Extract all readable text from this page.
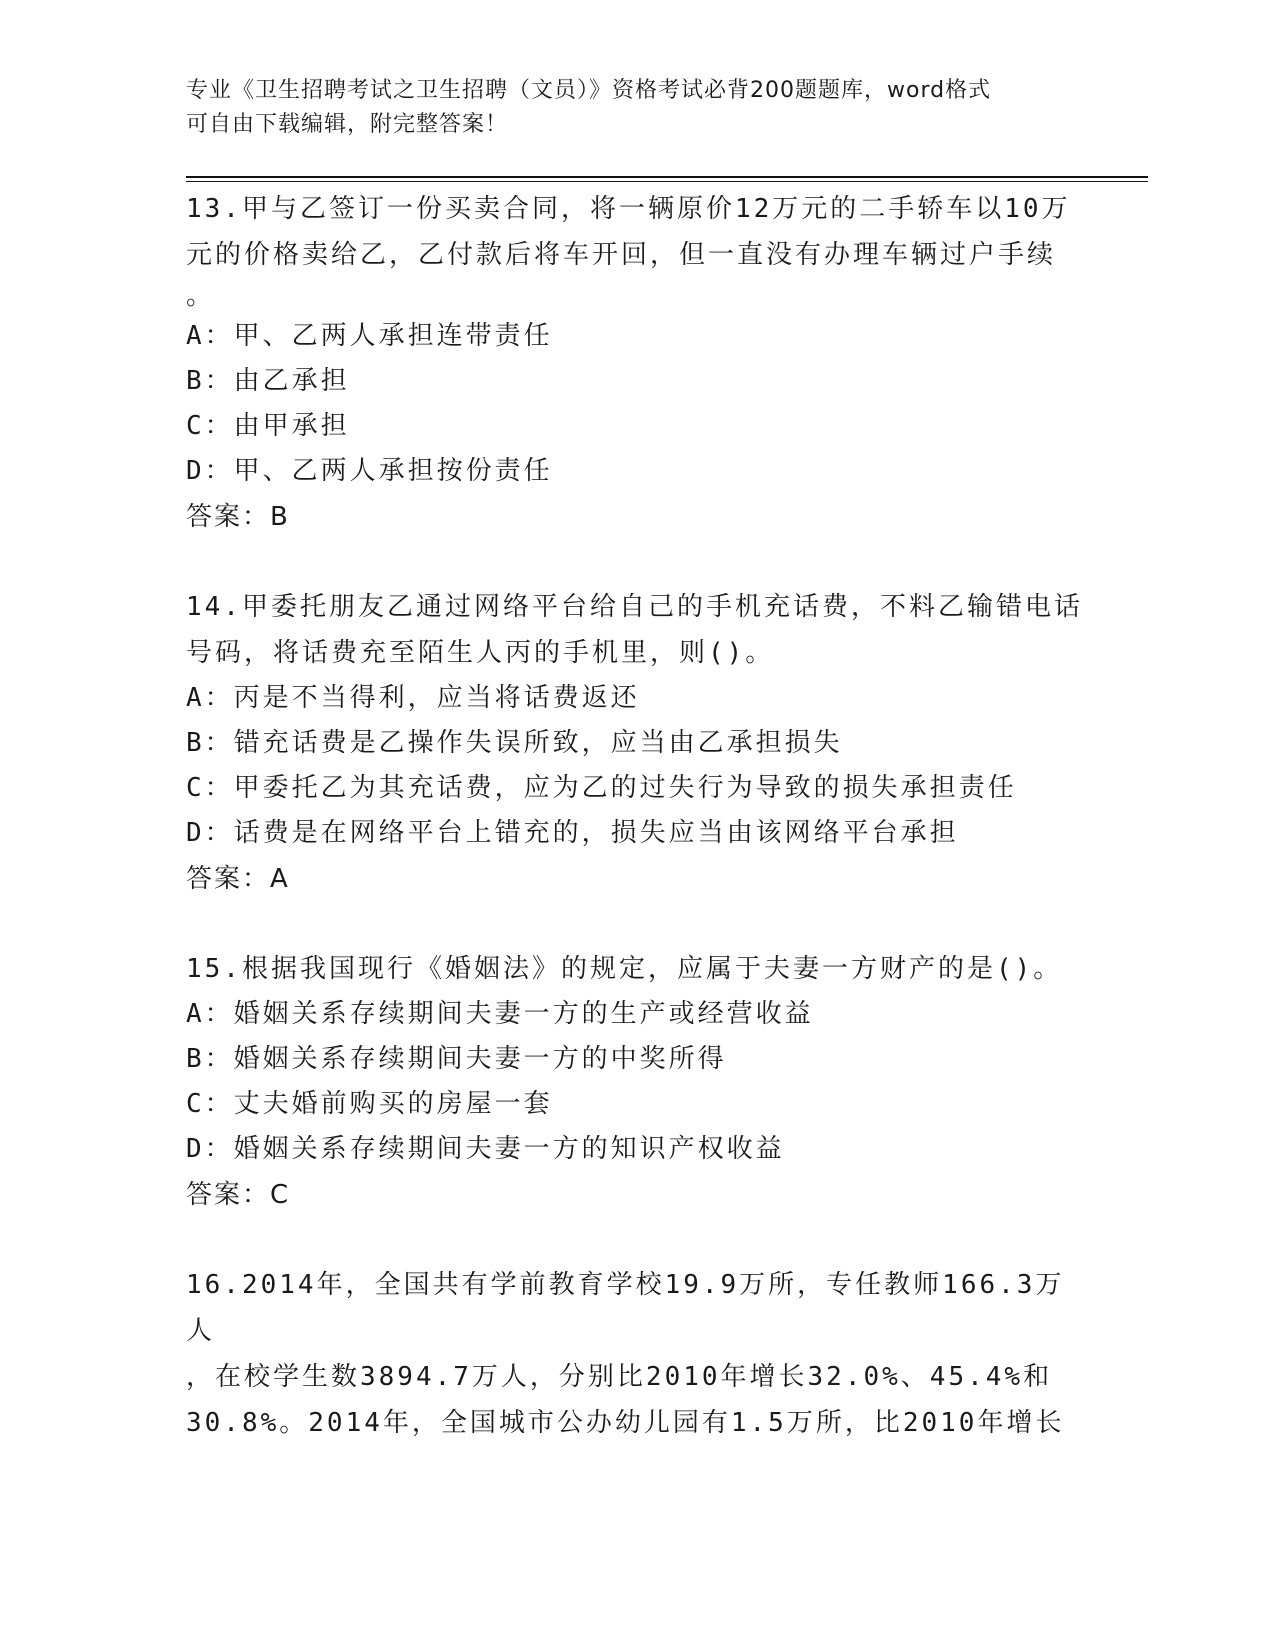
专业《卫生招聘考试之卫生招聘（文员）》资格考试必背200题题库，word格式
可自由下载编辑，附完整答案！
13.甲与乙签订一份买卖合同，将一辆原价12万元的二手轿车以10万
元的价格卖给乙，乙付款后将车开回，但一直没有办理车辆过户手续
。
A：甲、乙两人承担连带责任
B：由乙承担
C：由甲承担
D：甲、乙两人承担按份责任
答案：B
14.甲委托朋友乙通过网络平台给自己的手机充话费，不料乙输错电话
号码，将话费充至陌生人丙的手机里，则()。
A：丙是不当得利，应当将话费返还
B：错充话费是乙操作失误所致，应当由乙承担损失
C：甲委托乙为其充话费，应为乙的过失行为导致的损失承担责任
D：话费是在网络平台上错充的，损失应当由该网络平台承担
答案：A
15.根据我国现行《婚姻法》的规定，应属于夫妻一方财产的是()。
A：婚姻关系存续期间夫妻一方的生产或经营收益
B：婚姻关系存续期间夫妻一方的中奖所得
C：丈夫婚前购买的房屋一套
D：婚姻关系存续期间夫妻一方的知识产权收益
答案：C
16.2014年，全国共有学前教育学校19.9万所，专任教师166.3万人
，在校学生数3894.7万人，分别比2010年增长32.0%、45.4%和
30.8%。2014年，全国城市公办幼儿园有1.5万所，比2010年增长
